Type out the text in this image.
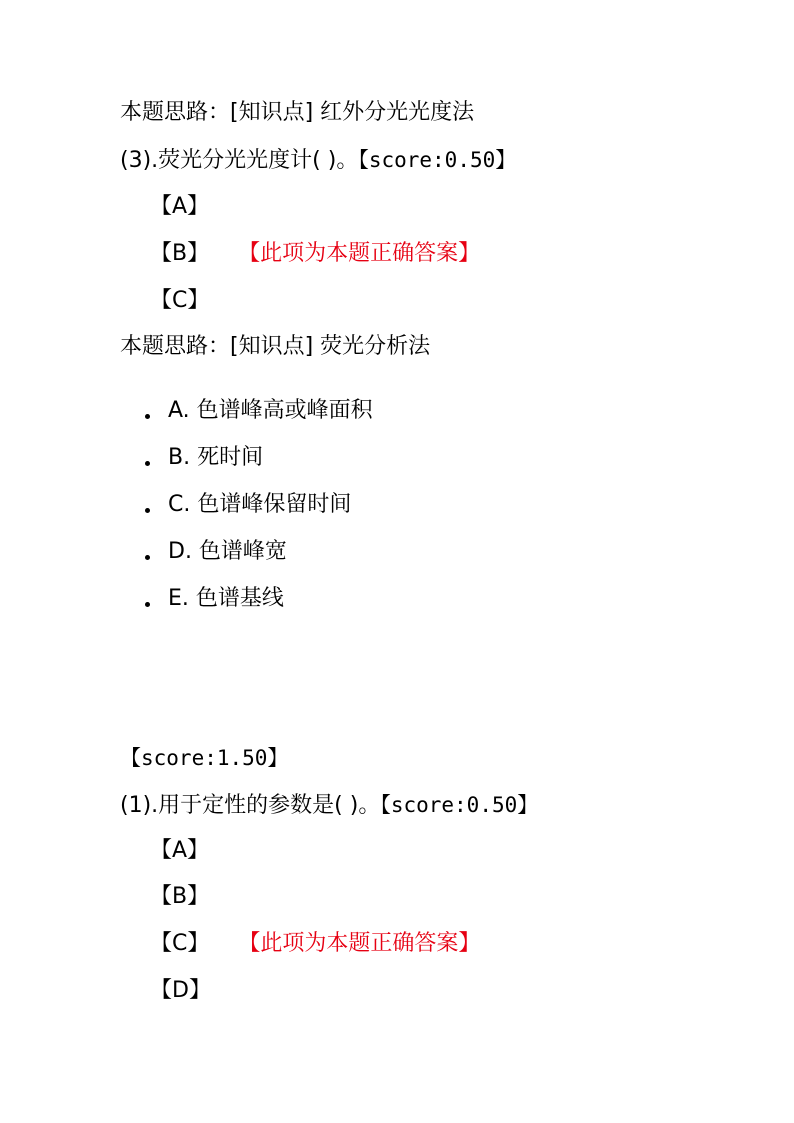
本题思路：[知识点] 红外分光光度法
(3).荧光分光光度计( )。【score:0.50】
【A】
【B】 【此项为本题正确答案】
【C】
本题思路：[知识点] 荧光分析法
A. 色谱峰高或峰面积
B. 死时间
C. 色谱峰保留时间
D. 色谱峰宽
E. 色谱基线
【score:1.50】
(1).用于定性的参数是( )。【score:0.50】
【A】
【B】
【C】 【此项为本题正确答案】
【D】
